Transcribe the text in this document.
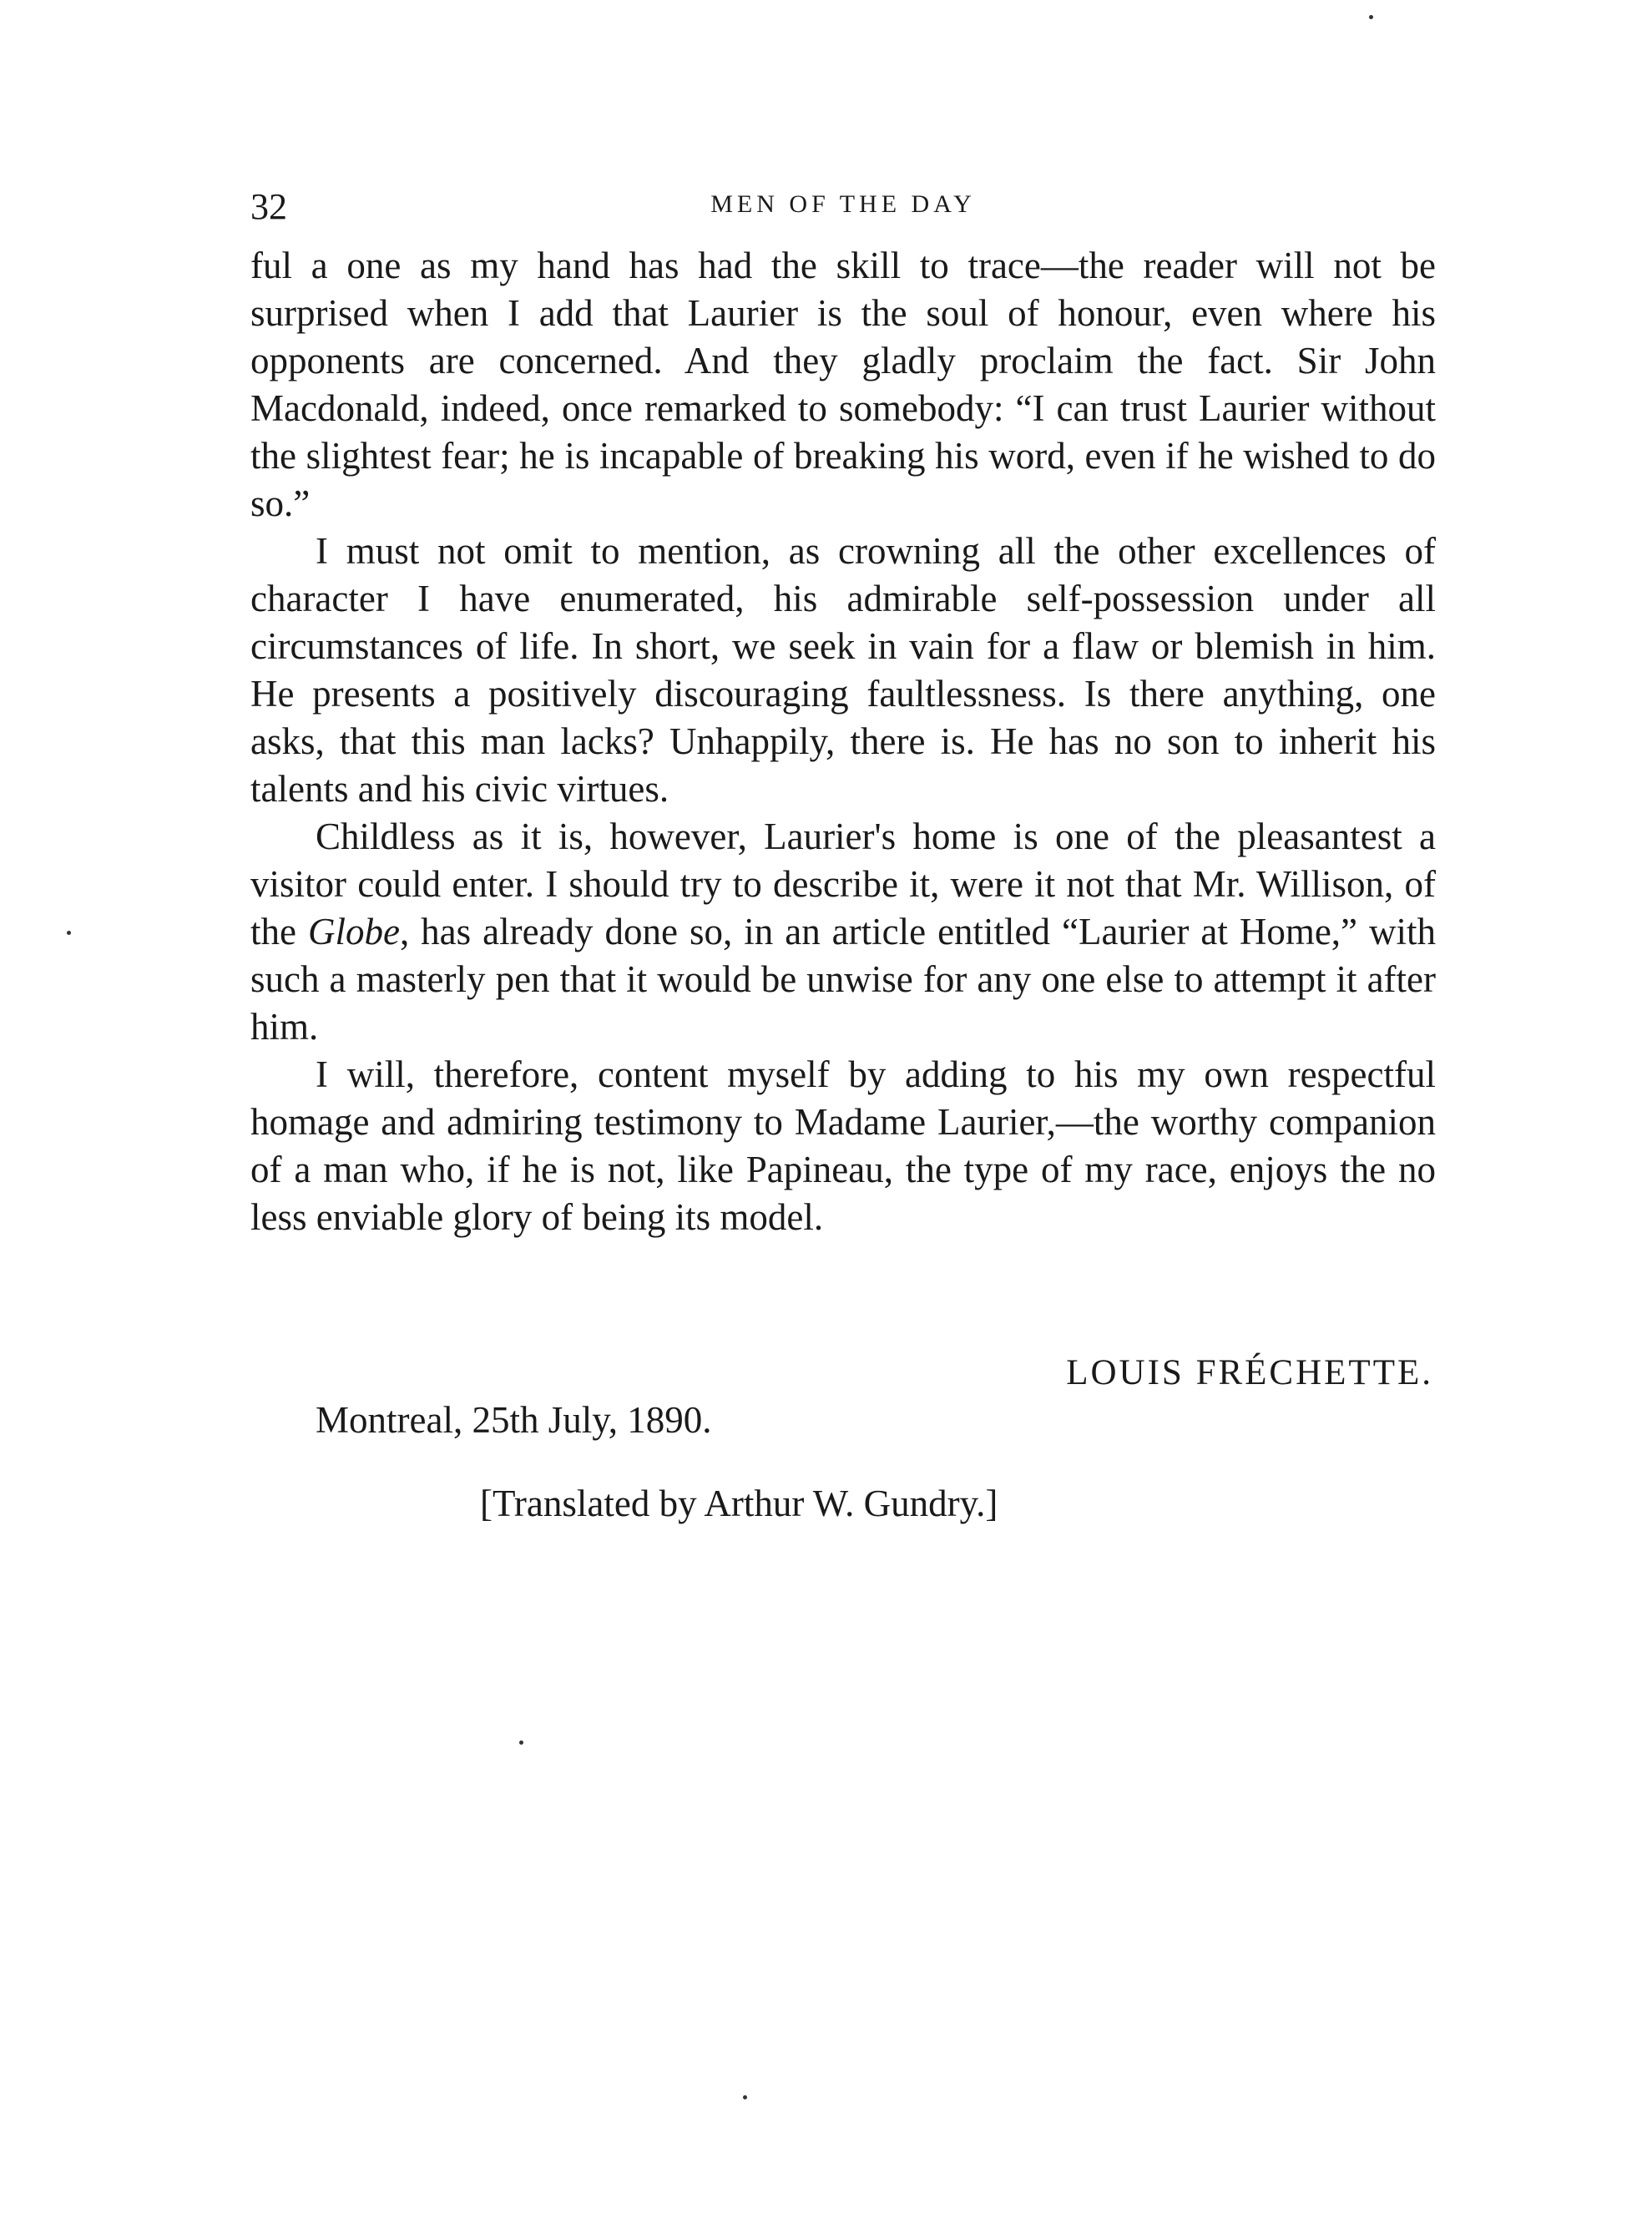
32	MEN OF THE DAY

ful a one as my hand has had the skill to trace—the reader will not be surprised when I add that Laurier is the soul of honour, even where his opponents are concerned. And they gladly proclaim the fact. Sir John Macdonald, indeed, once remarked to somebody: “I can trust Laurier without the slightest fear; he is incapable of breaking his word, even if he wished to do so.”

I must not omit to mention, as crowning all the other excellences of character I have enumerated, his admirable self-possession under all circumstances of life. In short, we seek in vain for a flaw or blemish in him. He presents a positively discouraging faultlessness. Is there anything, one asks, that this man lacks? Unhappily, there is. He has no son to inherit his talents and his civic virtues.

Childless as it is, however, Laurier's home is one of the pleasantest a visitor could enter. I should try to describe it, were it not that Mr. Willison, of the Globe, has already done so, in an article entitled “Laurier at Home,” with such a masterly pen that it would be unwise for any one else to attempt it after him.

I will, therefore, content myself by adding to his my own respectful homage and admiring testimony to Madame Laurier,—the worthy companion of a man who, if he is not, like Papineau, the type of my race, enjoys the no less enviable glory of being its model.

LOUIS FRÉCHETTE.
Montreal, 25th July, 1890.
[Translated by Arthur W. Gundry.]
